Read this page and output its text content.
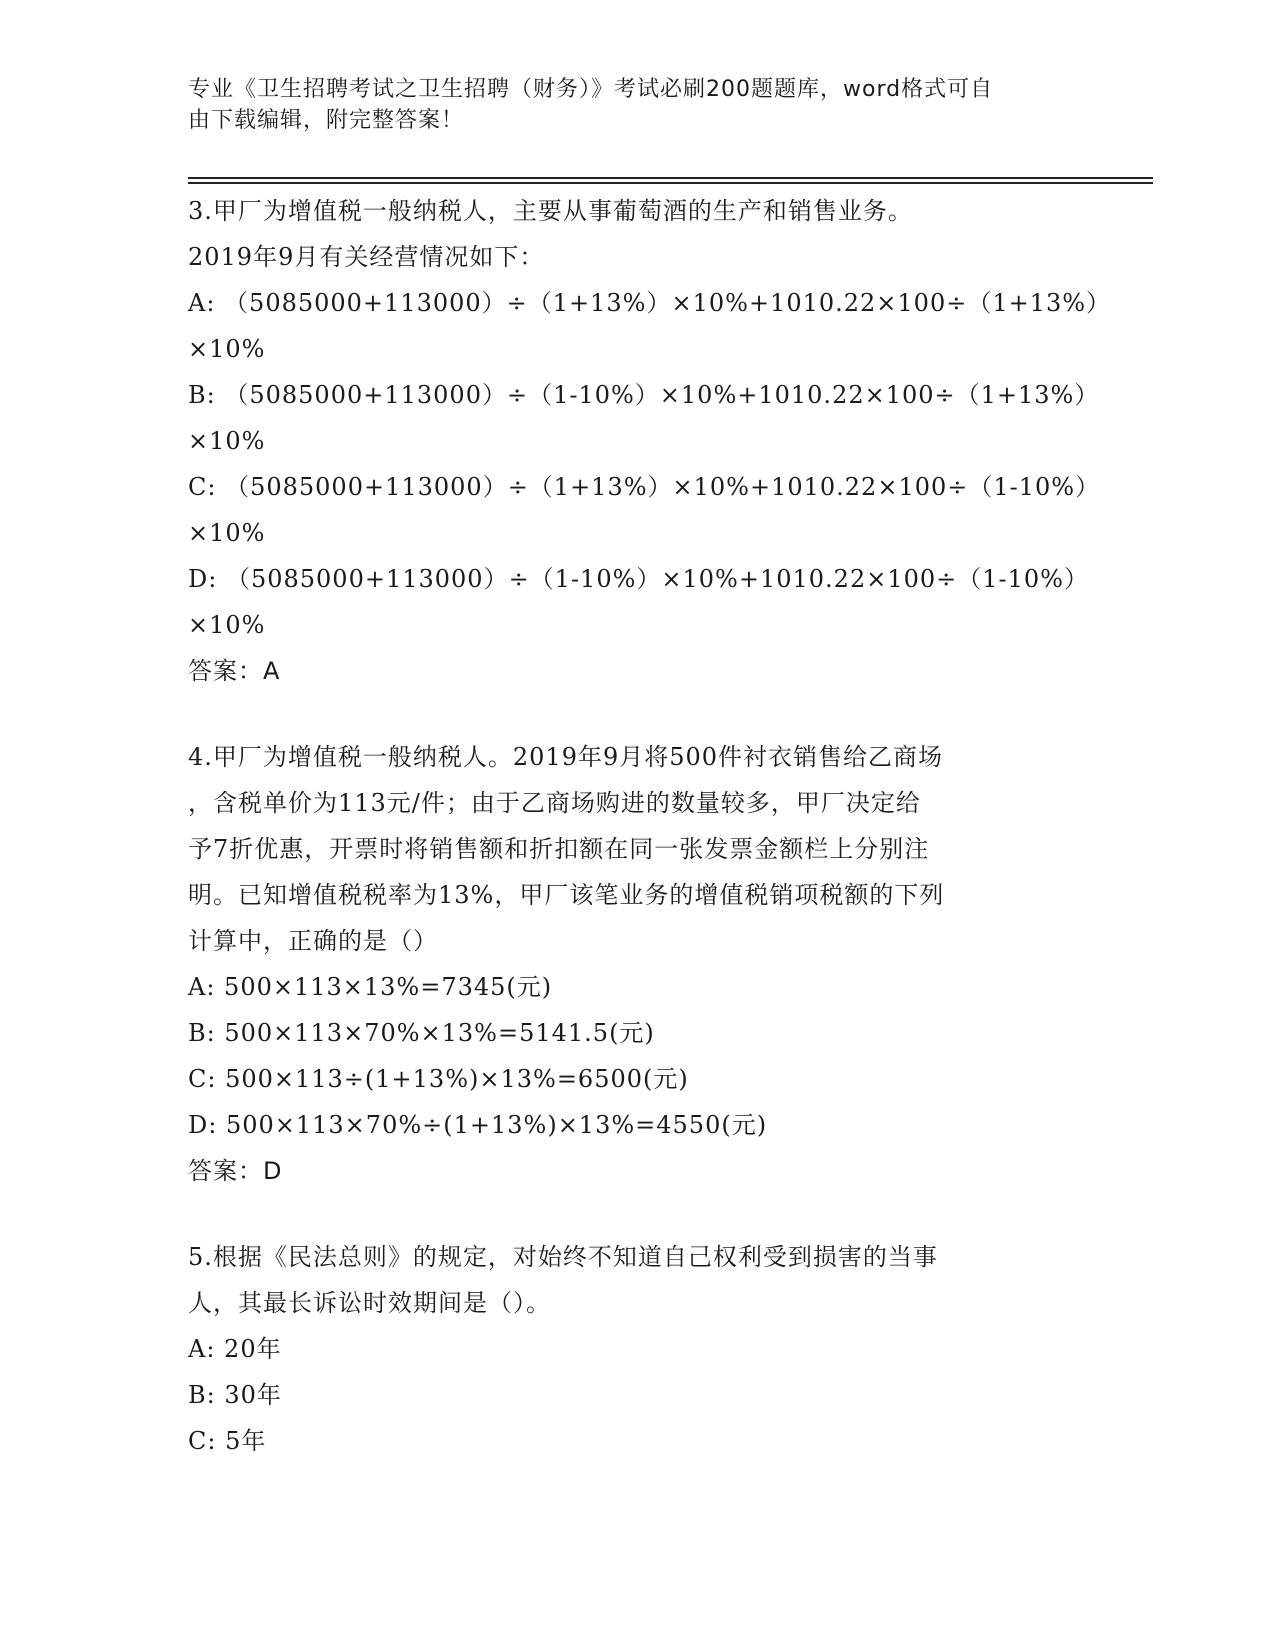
专业《卫生招聘考试之卫生招聘（财务）》考试必刷200题题库，word格式可自
由下载编辑，附完整答案！
3.甲厂为增值税一般纳税人，主要从事葡萄酒的生产和销售业务。
2019年9月有关经营情况如下：
A: （5085000+113000）÷（1+13%）×10%+1010.22×100÷（1+13%）
×10%
B: （5085000+113000）÷（1-10%）×10%+1010.22×100÷（1+13%）
×10%
C: （5085000+113000）÷（1+13%）×10%+1010.22×100÷（1-10%）
×10%
D: （5085000+113000）÷（1-10%）×10%+1010.22×100÷（1-10%）
×10%
答案：A
4.甲厂为增值税一般纳税人。2019年9月将500件衬衣销售给乙商场
，含税单价为113元/件；由于乙商场购进的数量较多，甲厂决定给
予7折优惠，开票时将销售额和折扣额在同一张发票金额栏上分别注
明。已知增值税税率为13%，甲厂该笔业务的增值税销项税额的下列
计算中，正确的是（）
A: 500×113×13%=7345(元)
B: 500×113×70%×13%=5141.5(元)
C: 500×113÷(1+13%)×13%=6500(元)
D: 500×113×70%÷(1+13%)×13%=4550(元)
答案：D
5.根据《民法总则》的规定，对始终不知道自己权利受到损害的当事
人，其最长诉讼时效期间是（）。
A: 20年
B: 30年
C: 5年
